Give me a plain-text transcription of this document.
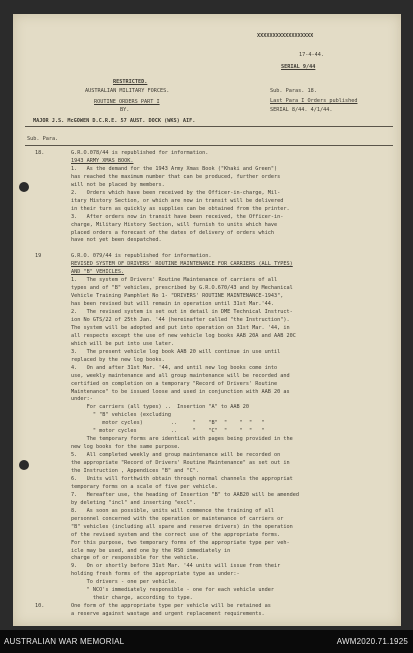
XXXXXXXXXXXXXXXXXX
17-4-44.
SERIAL 9/44
RESTRICTED.
AUSTRALIAN MILITARY FORCES.
ROUTINE ORDERS PART I
BY.
Sub. Paras. 18.
Last Para I Orders published
SERIAL 8/44. 4/1/44.
MAJOR J.S. McGOWEN D.C.R.E. 57 AUST. DOCK (WKS) AIF.
Sub. Para.
18.	G.R.O.078/44 is republished for information.
1943 ARMY XMAS BOOK.
1.   As the demand for the 1943 Army Xmas Book ("Khaki and Green")
has reached the maximum number that can be produced, further orders
will not be placed by members.
2.   Orders which have been received by the Officer-in-charge, Mil-
itary History Section, or which are now in transit will be delivered
in their turn as quickly as supplies can be obtained from the printer.
3.   After orders now in transit have been received, the Officer-in-
charge, Military History Section, will furnish to units which have
placed orders a forecast of the dates of delivery of orders which
have not yet been despatched.
19	G.R.O. 079/44 is republished for information.
REVISED SYSTEM OF DRIVERS' ROUTINE MAINTENANCE FOR CARRIERS (ALL TYPES)
AND "B" VEHICLES.
1.   The system of Drivers' Routine Maintenance of carriers of all
types and of "B" vehicles, prescribed by G.R.O.670/43 and by Mechanical
Vehicle Training Pamphlet No 1- "DRIVERS' ROUTINE MAINTENANCE-1943",
has been revised but will remain in operation until 31st Mar.'44.
2.   The revised system is set out in detail in DME Technical Instruct-
ion No GTS/22 of 25th Jan. '44 (hereinafter called "the Instruction").
The system will be adopted and put into operation on 31st Mar. '44, in
all respects except the use of new vehicle log books AAB 20A and AAB 20C
which will be put into use later.
3.   The present vehicle log book AAB 20 will continue in use until
replaced by the new log books.
4.   On and after 31st Mar. '44, and until new log books come into
use, weekly maintenance and all group maintenance will be recorded and
certified on completion on a temporary "Record of Drivers' Routine
Maintenance" to be issued loose and used in conjunction with AAB 20 as
under:-
For carriers (all types) ..  Insertion "A" to AAB 20
" "B" vehicles (excluding
motor cycles)         ..     "    "B"  "    "  "   "
" motor cycles           ..     "    "C"  "    "  "   "
The temporary forms are identical with pages being provided in the
new log books for the same purpose.
5.   All completed weekly and group maintenance will be recorded on
the appropriate "Record of Drivers' Routine Maintenance" as set out in
the Instruction , Appendices "B" and "C".
6.   Units will forthwith obtain through normal channels the appropriat
temporary forms on a scale of five per vehicle.
7.   Hereafter use, the heading of Insertion "B" to AAB20 will be amended
by deleting "incl" and inserting "excl".
8.   As soon as possible, units will commence the training of all
personnel concerned with the operation or maintenance of carriers or
"B" vehicles (including all spare and reserve drivers) in the operation
of the revised system and the correct use of the appropriate forms.
For this purpose, two temporary forms of the appropriate type per veh-
icle may be used, and one by the RSO immediately in
charge of or responsible for the vehicle.
9.   On or shortly before 31st Mar. '44 units will issue from their
holding fresh forms of the appropriate type as under:-
To drivers - one per vehicle.
" NCO's immediately responsible - one for each vehicle under
their charge, according to type.
10.	One form of the appropriate type per vehicle will be retained as
a reserve against wastage and urgent replacement requirements.
AUSTRALIAN WAR MEMORIAL	AWM2020.71.1925
